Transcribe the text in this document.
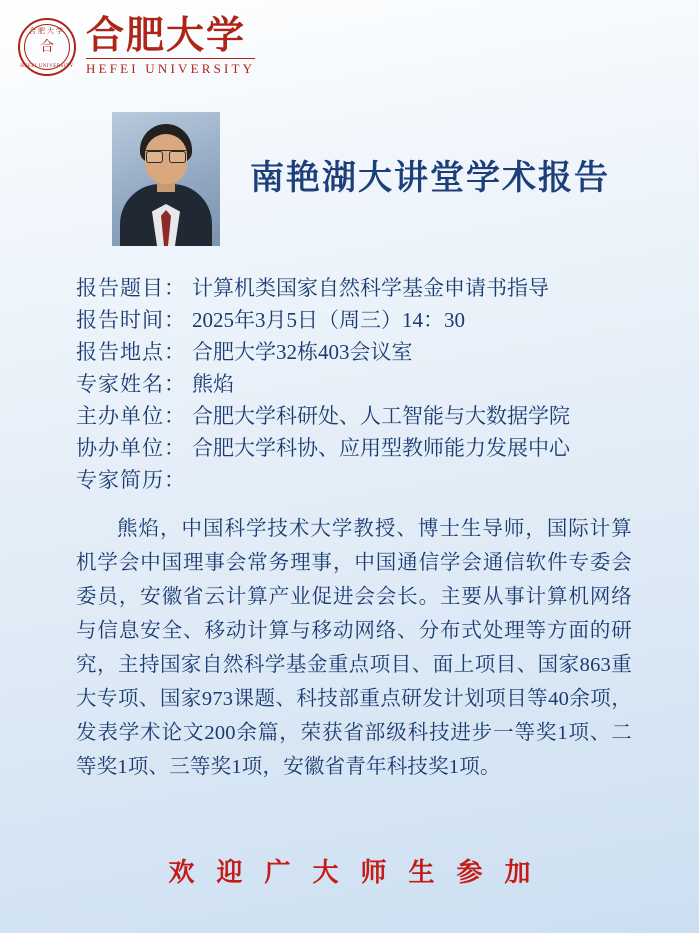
合肥大学
合
HEFEI UNIVERSITY
合肥大学
HEFEI UNIVERSITY
南艳湖大讲堂学术报告
报告题目： 计算机类国家自然科学基金申请书指导
报告时间： 2025年3月5日（周三）14：30
报告地点： 合肥大学32栋403会议室
专家姓名： 熊焰
主办单位： 合肥大学科研处、人工智能与大数据学院
协办单位： 合肥大学科协、应用型教师能力发展中心
专家简历：
熊焰，中国科学技术大学教授、博士生导师，国际计算机学会中国理事会常务理事，中国通信学会通信软件专委会委员，安徽省云计算产业促进会会长。主要从事计算机网络与信息安全、移动计算与移动网络、分布式处理等方面的研究，主持国家自然科学基金重点项目、面上项目、国家863重大专项、国家973课题、科技部重点研发计划项目等40余项，发表学术论文200余篇，荣获省部级科技进步一等奖1项、二等奖1项、三等奖1项，安徽省青年科技奖1项。
欢迎广大师生参加
